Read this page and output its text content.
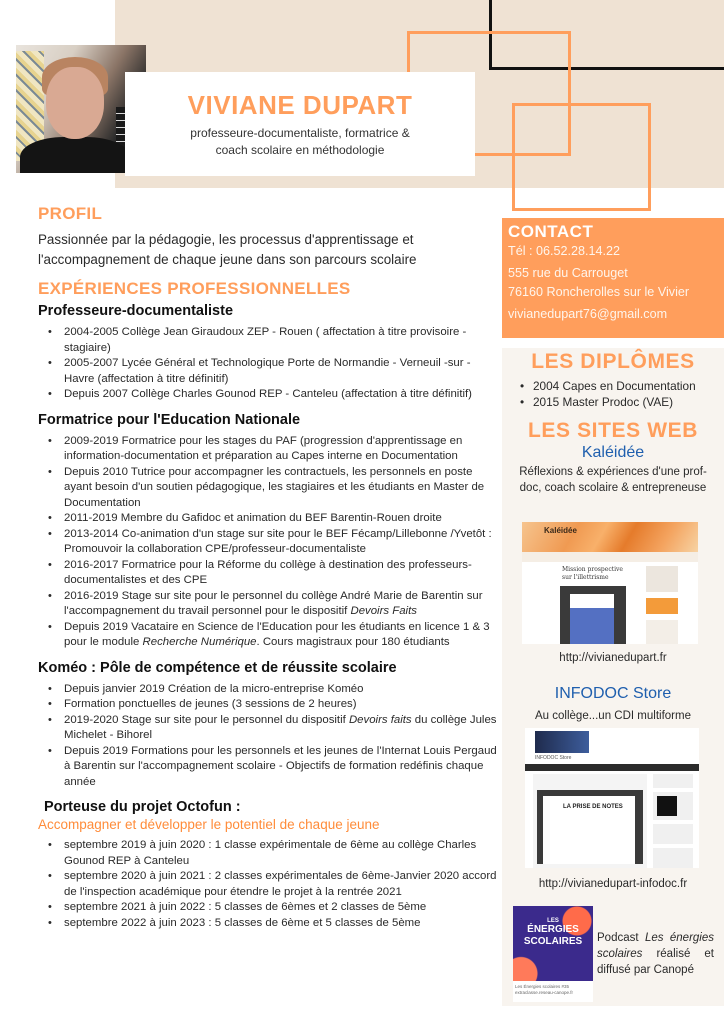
VIVIANE DUPART
professeure-documentaliste, formatrice &
coach scolaire en méthodologie
PROFIL
Passionnée par la pédagogie, les processus d'apprentissage et
l'accompagnement de chaque jeune dans son parcours scolaire
EXPÉRIENCES PROFESSIONNELLES
Professeure-documentaliste
• 2004-2005 Collège Jean Giraudoux ZEP - Rouen ( affectation à titre provisoire - stagiaire)
• 2005-2007 Lycée Général et Technologique Porte de Normandie - Verneuil -sur -Havre (affectation à titre définitif)
• Depuis 2007 Collège Charles Gounod REP - Canteleu (affectation à titre définitif)
Formatrice pour l'Education Nationale
• 2009-2019 Formatrice pour les stages du PAF (progression d'apprentissage en information-documentation et préparation au Capes interne en Documentation
• Depuis 2010 Tutrice pour accompagner les contractuels, les personnels en poste ayant besoin d'un soutien pédagogique, les stagiaires et les étudiants en Master de Documentation
• 2011-2019 Membre du Gafidoc et animation du BEF Barentin-Rouen droite
• 2013-2014 Co-animation d'un stage sur site pour le BEF Fécamp/Lillebonne /Yvetôt : Promouvoir la collaboration CPE/professeur-documentaliste
• 2016-2017 Formatrice pour la Réforme du collège à destination des professeurs-documentalistes et des CPE
• 2016-2019 Stage sur site pour le personnel du collège André Marie de Barentin sur l'accompagnement du travail personnel pour le dispositif Devoirs Faits
• Depuis 2019 Vacataire en Science de l'Education pour les étudiants en licence 1 & 3 pour le module Recherche Numérique. Cours magistraux pour 180 étudiants
Koméo : Pôle de compétence et de réussite scolaire
• Depuis janvier 2019 Création de la micro-entreprise Koméo
• Formation ponctuelles de jeunes (3 sessions de 2 heures)
• 2019-2020 Stage sur site pour le personnel du dispositif Devoirs faits du collège Jules Michelet - Bihorel
• Depuis 2019 Formations pour les personnels et les jeunes de l'Internat Louis Pergaud à Barentin sur l'accompagnement scolaire - Objectifs de formation redéfinis chaque année
Porteuse du projet Octofun :
Accompagner et développer le potentiel de chaque jeune
• septembre 2019 à juin 2020 : 1 classe expérimentale de 6ème au collège Charles Gounod REP à Canteleu
• septembre 2020 à juin 2021 : 2 classes expérimentales de 6ème-Janvier 2020 accord de l'inspection académique pour étendre le projet à la rentrée 2021
• septembre 2021 à juin 2022 : 5 classes de 6èmes et 2 classes de 5ème
• septembre 2022 à juin 2023 : 5 classes de 6ème et 5 classes de 5ème
CONTACT
Tél : 06.52.28.14.22
555 rue du Carrouget
76160 Roncherolles sur le Vivier
vivianedupart76@gmail.com
LES DIPLÔMES
• 2004 Capes en Documentation
• 2015 Master Prodoc (VAE)
LES SITES WEB
Kaléidée
Réflexions & expériences d'une prof-
doc, coach scolaire & entrepreneuse
Kaléidée
Mission prospective sur l'illettrisme
http://vivianedupart.fr
INFODOC Store
Au collège...un CDI multiforme
INFODOC Store
LA PRISE DE NOTES
http://vivianedupart-infodoc.fr
LES
ÉNERGIES
SCOLAIRES
Les Énergies scolaires #35
extraclasse.reseau-canope.fr
Podcast Les énergies scolaires réalisé et diffusé par Canopé
